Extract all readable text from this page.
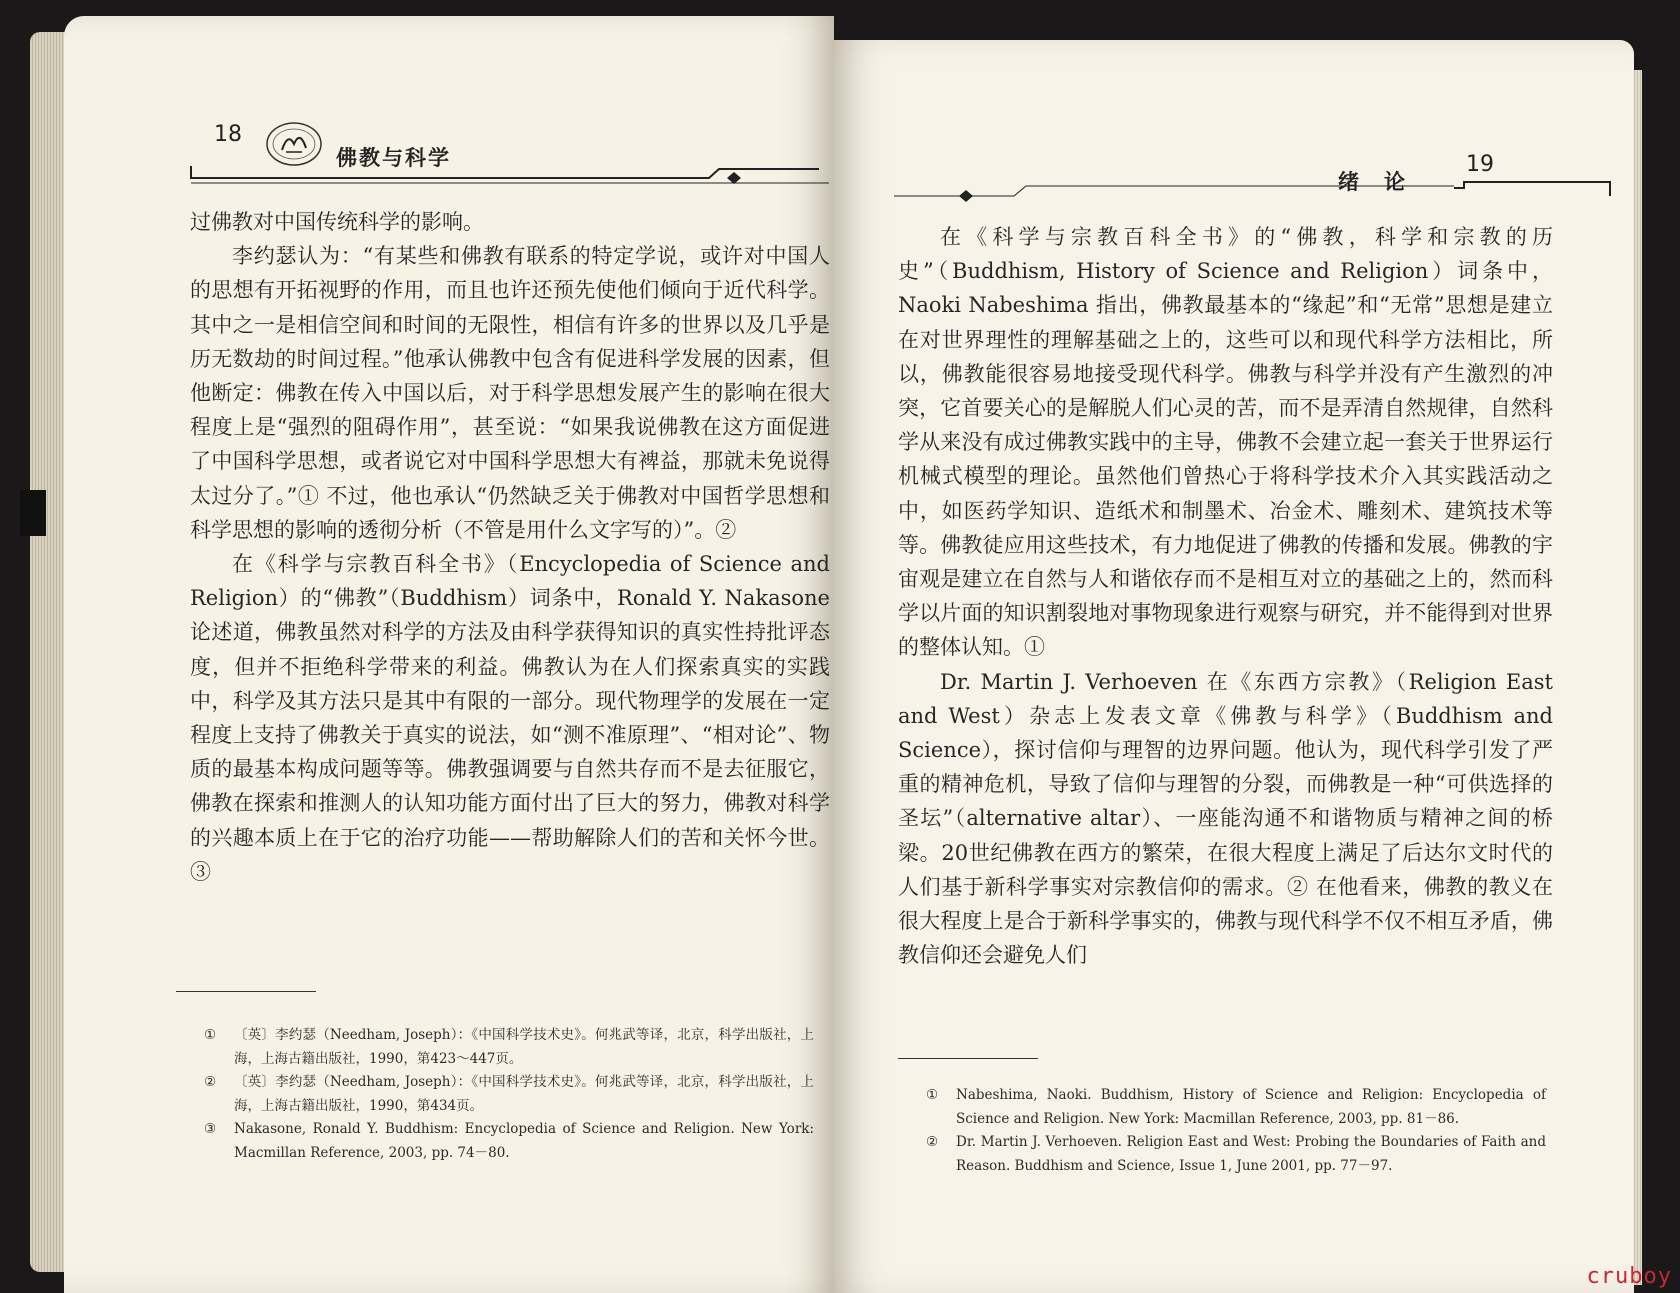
18
佛教与科学

过佛教对中国传统科学的影响。

李约瑟认为：“有某些和佛教有联系的特定学说，或许对中国人的思想有开拓视野的作用，而且也许还预先使他们倾向于近代科学。其中之一是相信空间和时间的无限性，相信有许多的世界以及几乎是历无数劫的时间过程。”他承认佛教中包含有促进科学发展的因素，但他断定：佛教在传入中国以后，对于科学思想发展产生的影响在很大程度上是“强烈的阻碍作用”，甚至说：“如果我说佛教在这方面促进了中国科学思想，或者说它对中国科学思想大有裨益，那就未免说得太过分了。”① 不过，他也承认“仍然缺乏关于佛教对中国哲学思想和科学思想的影响的透彻分析（不管是用什么文字写的）”。②

在《科学与宗教百科全书》（Encyclopedia of Science and Religion）的“佛教”（Buddhism）词条中，Ronald Y. Nakasone 论述道，佛教虽然对科学的方法及由科学获得知识的真实性持批评态度，但并不拒绝科学带来的利益。佛教认为在人们探索真实的实践中，科学及其方法只是其中有限的一部分。现代物理学的发展在一定程度上支持了佛教关于真实的说法，如“测不准原理”、“相对论”、物质的最基本构成问题等等。佛教强调要与自然共存而不是去征服它，佛教在探索和推测人的认知功能方面付出了巨大的努力，佛教对科学的兴趣本质上在于它的治疗功能——帮助解除人们的苦和关怀今世。③

① 〔英〕李约瑟（Needham, Joseph）：《中国科学技术史》。何兆武等译，北京，科学出版社，上海，上海古籍出版社，1990，第423～447页。
② 〔英〕李约瑟（Needham, Joseph）：《中国科学技术史》。何兆武等译，北京，科学出版社，上海，上海古籍出版社，1990，第434页。
③ Nakasone, Ronald Y. Buddhism: Encyclopedia of Science and Religion. New York: Macmillan Reference, 2003, pp. 74－80.
绪　论
19

在《科学与宗教百科全书》的“佛教，科学和宗教的历史”（Buddhism, History of Science and Religion）词条中，Naoki Nabeshima 指出，佛教最基本的“缘起”和“无常”思想是建立在对世界理性的理解基础之上的，这些可以和现代科学方法相比，所以，佛教能很容易地接受现代科学。佛教与科学并没有产生激烈的冲突，它首要关心的是解脱人们心灵的苦，而不是弄清自然规律，自然科学从来没有成过佛教实践中的主导，佛教不会建立起一套关于世界运行机械式模型的理论。虽然他们曾热心于将科学技术介入其实践活动之中，如医药学知识、造纸术和制墨术、冶金术、雕刻术、建筑技术等等。佛教徒应用这些技术，有力地促进了佛教的传播和发展。佛教的宇宙观是建立在自然与人和谐依存而不是相互对立的基础之上的，然而科学以片面的知识割裂地对事物现象进行观察与研究，并不能得到对世界的整体认知。①

Dr. Martin J. Verhoeven 在《东西方宗教》（Religion East and West）杂志上发表文章《佛教与科学》（Buddhism and Science），探讨信仰与理智的边界问题。他认为，现代科学引发了严重的精神危机，导致了信仰与理智的分裂，而佛教是一种“可供选择的圣坛”（alternative altar）、一座能沟通不和谐物质与精神之间的桥梁。20世纪佛教在西方的繁荣，在很大程度上满足了后达尔文时代的人们基于新科学事实对宗教信仰的需求。② 在他看来，佛教的教义在很大程度上是合于新科学事实的，佛教与现代科学不仅不相互矛盾，佛教信仰还会避免人们

① Nabeshima, Naoki. Buddhism, History of Science and Religion: Encyclopedia of Science and Religion. New York: Macmillan Reference, 2003, pp. 81－86.
② Dr. Martin J. Verhoeven. Religion East and West: Probing the Boundaries of Faith and Reason. Buddhism and Science, Issue 1, June 2001, pp. 77－97.
cruboy
